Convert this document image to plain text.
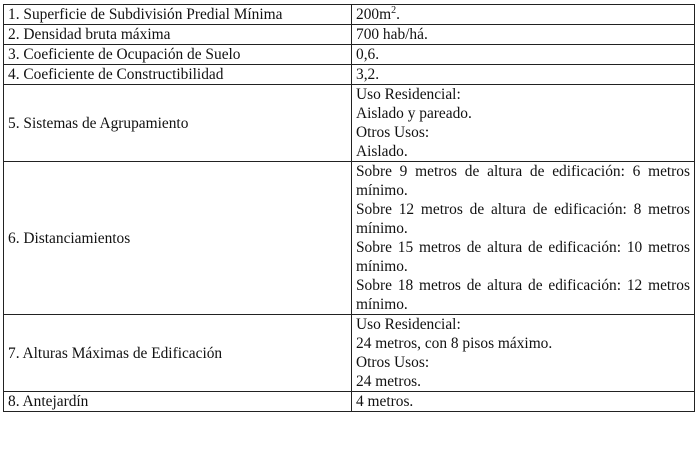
1. Superficie de Subdivisión Predial Mínima	$200m^2$.
2. Densidad bruta máxima	700 hab/há.
3. Coeficiente de Ocupación de Suelo	0,6.
4. Coeficiente de Constructibilidad	3,2.
5. Sistemas de Agrupamiento	Uso Residencial:
Aislado y pareado.
Otros Usos:
Aislado.

6. Distanciamientos	Sobre 9 metros de altura de edificación: 6 metros mínimo.
Sobre 12 metros de altura de edificación: 8 metros mínimo.
Sobre 15 metros de altura de edificación: 10 metros mínimo.
Sobre 18 metros de altura de edificación: 12 metros mínimo.

7. Alturas Máximas de Edificación	Uso Residencial:
24 metros, con 8 pisos máximo.
Otros Usos:
24 metros.

8. Antejardín	4 metros.
